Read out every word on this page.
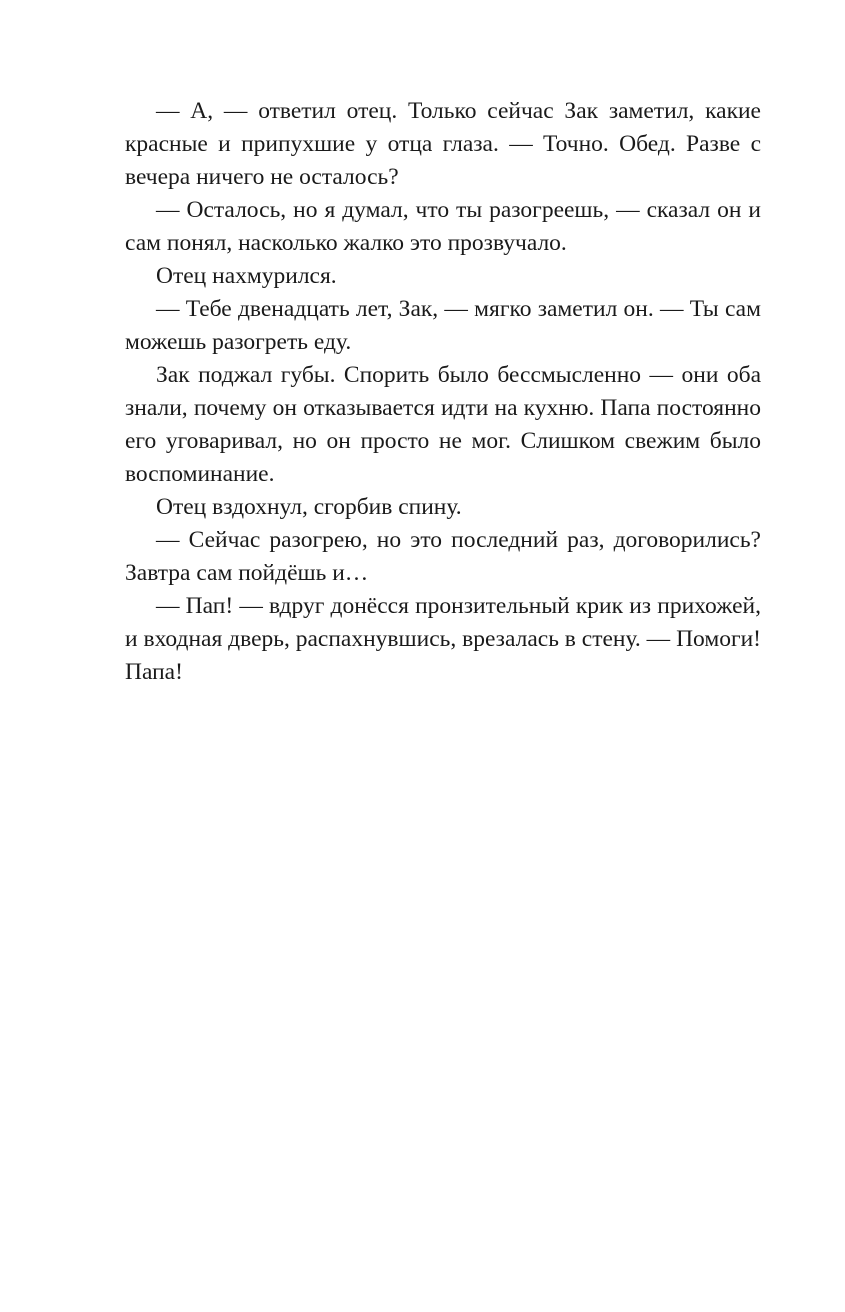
— А, — ответил отец. Только сейчас Зак заметил, какие красные и припухшие у отца глаза. — Точно. Обед. Разве с вечера ничего не осталось?

— Осталось, но я думал, что ты разогреешь, — сказал он и сам понял, насколько жалко это прозвучало.

Отец нахмурился.

— Тебе двенадцать лет, Зак, — мягко заметил он. — Ты сам можешь разогреть еду.

Зак поджал губы. Спорить было бессмысленно — они оба знали, почему он отказывается идти на кухню. Папа постоянно его уговаривал, но он просто не мог. Слишком свежим было воспоминание.

Отец вздохнул, сгорбив спину.

— Сейчас разогрею, но это последний раз, договорились? Завтра сам пойдёшь и…

— Пап! — вдруг донёсся пронзительный крик из прихожей, и входная дверь, распахнувшись, врезалась в стену. — Помоги! Папа!
